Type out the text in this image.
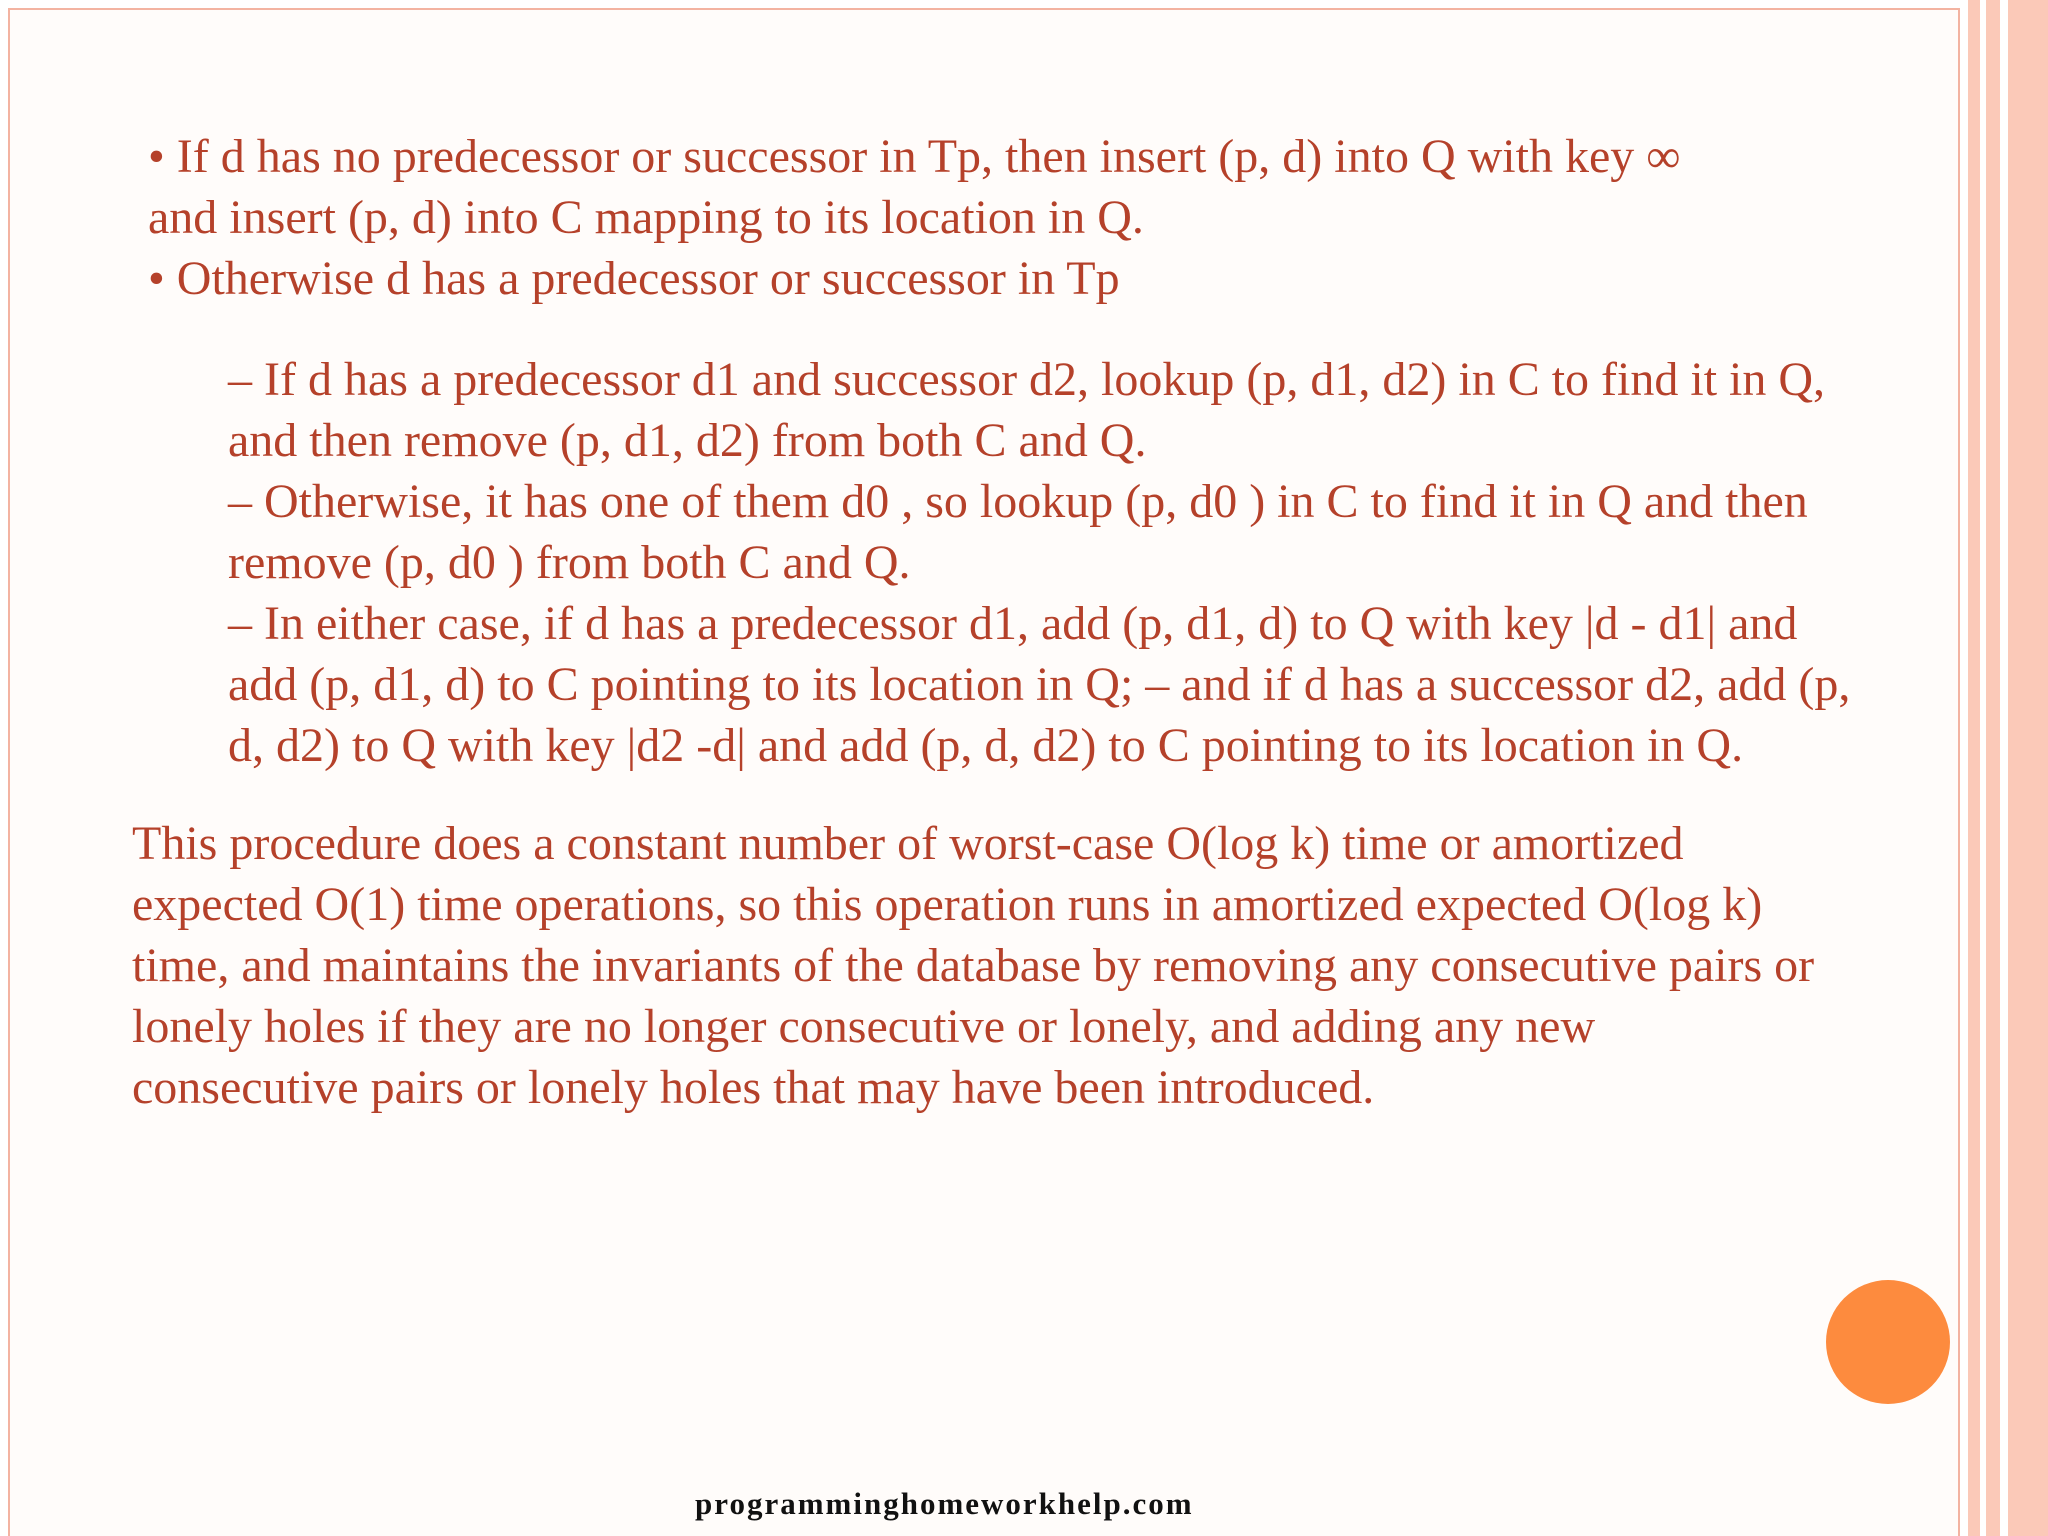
• If d has no predecessor or successor in Tp, then insert (p, d) into Q with key ∞

and insert (p, d) into C mapping to its location in Q.

• Otherwise d has a predecessor or successor in Tp

– If d has a predecessor d1 and successor d2, lookup (p, d1, d2) in C to find it in Q,

and then remove (p, d1, d2) from both C and Q.

– Otherwise, it has one of them d0 , so lookup (p, d0 ) in C to find it in Q and then

remove (p, d0 ) from both C and Q.

– In either case, if d has a predecessor d1, add (p, d1, d) to Q with key |d - d1| and

add (p, d1, d) to C pointing to its location in Q; – and if d has a successor d2, add (p,

d, d2) to Q with key |d2 -d| and add (p, d, d2) to C pointing to its location in Q.

This procedure does a constant number of worst-case O(log k) time or amortized

expected O(1) time operations, so this operation runs in amortized expected O(log k)

time, and maintains the invariants of the database by removing any consecutive pairs or

lonely holes if they are no longer consecutive or lonely, and adding any new

consecutive pairs or lonely holes that may have been introduced.

programminghomeworkhelp.com
